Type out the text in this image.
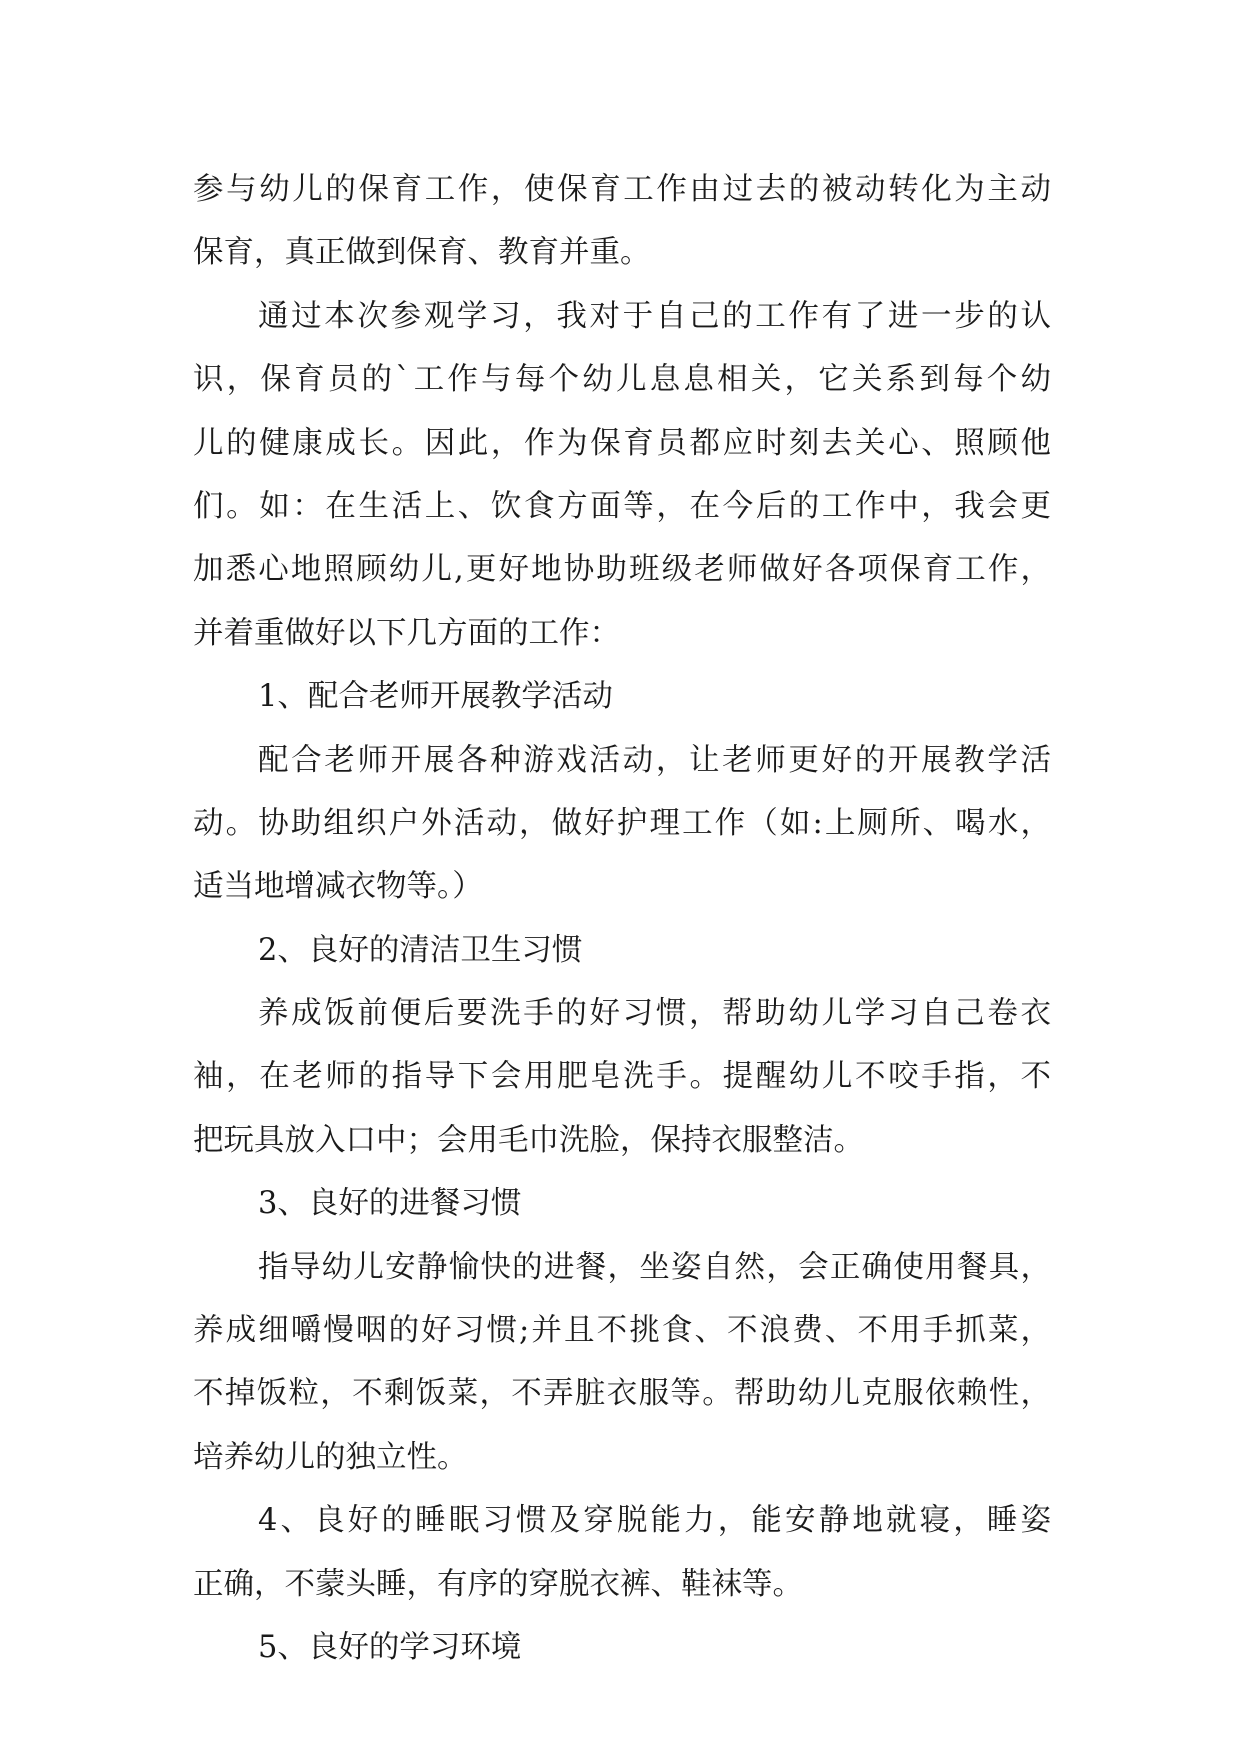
参与幼儿的保育工作，使保育工作由过去的被动转化为主动
保育，真正做到保育、教育并重。
通过本次参观学习，我对于自己的工作有了进一步的认
识，保育员的`工作与每个幼儿息息相关，它关系到每个幼
儿的健康成长。因此，作为保育员都应时刻去关心、照顾他
们。如：在生活上、饮食方面等，在今后的工作中，我会更
加悉心地照顾幼儿,更好地协助班级老师做好各项保育工作，
并着重做好以下几方面的工作：
1、配合老师开展教学活动
配合老师开展各种游戏活动，让老师更好的开展教学活
动。协助组织户外活动，做好护理工作（如:上厕所、喝水，
适当地增减衣物等。）
2、良好的清洁卫生习惯
养成饭前便后要洗手的好习惯，帮助幼儿学习自己卷衣
袖，在老师的指导下会用肥皂洗手。提醒幼儿不咬手指，不
把玩具放入口中；会用毛巾洗脸，保持衣服整洁。
3、良好的进餐习惯
指导幼儿安静愉快的进餐，坐姿自然，会正确使用餐具，
养成细嚼慢咽的好习惯;并且不挑食、不浪费、不用手抓菜，
不掉饭粒，不剩饭菜，不弄脏衣服等。帮助幼儿克服依赖性，
培养幼儿的独立性。
4、良好的睡眠习惯及穿脱能力，能安静地就寝，睡姿
正确，不蒙头睡，有序的穿脱衣裤、鞋袜等。
5、良好的学习环境
